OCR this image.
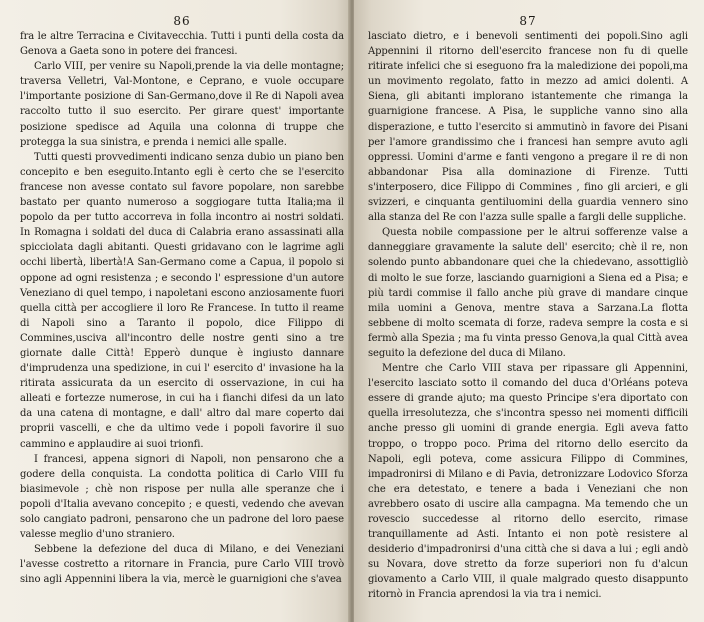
86

fra le altre Terracina e Civitavecchia. Tutti i punti della costa da Genova a Gaeta sono in potere dei francesi.

Carlo VIII, per venire su Napoli,prende la via delle montagne; traversa Velletri, Val-Montone, e Ceprano, e vuole occupare l'importante posizione di San-Germano,dove il Re di Napoli avea raccolto tutto il suo esercito. Per girare quest' importante posizione spedisce ad Aquila una colonna di truppe che protegga la sua sinistra, e prenda i nemici alle spalle.

Tutti questi provvedimenti indicano senza dubio un piano ben concepito e ben eseguito.Intanto egli è certo che se l'esercito francese non avesse contato sul favore popolare, non sarebbe bastato per quanto numeroso a soggiogare tutta Italia;ma il popolo da per tutto accorreva in folla incontro ai nostri soldati. In Romagna i soldati del duca di Calabria erano assassinati alla spicciolata dagli abitanti. Questi gridavano con le lagrime agli occhi libertà, libertà!A San-Germano come a Capua, il popolo si oppone ad ogni resistenza ; e secondo l' espressione d'un autore Veneziano di quel tempo, i napoletani escono anziosamente fuori quella città per accogliere il loro Re Francese. In tutto il reame di Napoli sino a Taranto il popolo, dice Filippo di Commines,usciva all'incontro delle nostre genti sino a tre giornate dalle Città! Epperò dunque è ingiusto dannare d'imprudenza una spedizione, in cui l' esercito d' invasione ha la ritirata assicurata da un esercito di osservazione, in cui ha alleati e fortezze numerose, in cui ha i fianchi difesi da un lato da una catena di montagne, e dall' altro dal mare coperto dai proprii vascelli, e che da ultimo vede i popoli favorire il suo cammino e applaudire ai suoi trionfi.

I francesi, appena signori di Napoli, non pensarono che a godere della conquista. La condotta politica di Carlo VIII fu biasimevole ; chè non rispose per nulla alle speranze che i popoli d'Italia avevano concepito ; e questi, vedendo che avevan solo cangiato padroni, pensarono che un padrone del loro paese valesse meglio d'uno straniero.

Sebbene la defezione del duca di Milano, e dei Veneziani l'avesse costretto a ritornare in Francia, pure Carlo VIII trovò sino agli Appennini libera la via, mercè le guarnigioni che s'avea

87

lasciato dietro, e i benevoli sentimenti dei popoli.Sino agli Appennini il ritorno dell'esercito francese non fu di quelle ritirate infelici che si eseguono fra la maledizione dei popoli,ma un movimento regolato, fatto in mezzo ad amici dolenti. A Siena, gli abitanti implorano istantemente che rimanga la guarnigione francese. A Pisa, le suppliche vanno sino alla disperazione, e tutto l'esercito si ammutinò in favore dei Pisani per l'amore grandissimo che i francesi han sempre avuto agli oppressi. Uomini d'arme e fanti vengono a pregare il re di non abbandonar Pisa alla dominazione di Firenze. Tutti s'interposero, dice Filippo di Commines , fino gli arcieri, e gli svizzeri, e cinquanta gentiluomini della guardia vennero sino alla stanza del Re con l'azza sulle spalle a fargli delle suppliche.

Questa nobile compassione per le altrui sofferenze valse a danneggiare gravamente la salute dell' esercito; chè il re, non solendo punto abbandonare quei che la chiedevano, assottigliò di molto le sue forze, lasciando guarnigioni a Siena ed a Pisa; e più tardi commise il fallo anche più grave di mandare cinque mila uomini a Genova, mentre stava a Sarzana.La flotta sebbene di molto scemata di forze, radeva sempre la costa e si fermò alla Spezia ; ma fu vinta presso Genova,la qual Città avea seguito la defezione del duca di Milano.

Mentre che Carlo VIII stava per ripassare gli Appennini, l'esercito lasciato sotto il comando del duca d'Orléans poteva essere di grande ajuto; ma questo Principe s'era diportato con quella irresolutezza, che s'incontra spesso nei momenti difficili anche presso gli uomini di grande energia. Egli aveva fatto troppo, o troppo poco. Prima del ritorno dello esercito da Napoli, egli poteva, come assicura Filippo di Commines, impadronirsi di Milano e di Pavia, detronizzare Lodovico Sforza che era detestato, e tenere a bada i Veneziani che non avrebbero osato di uscire alla campagna. Ma temendo che un rovescio succedesse al ritorno dello esercito, rimase tranquillamente ad Asti. Intanto ei non potè resistere al desiderio d'impadronirsi d'una città che si dava a lui ; egli andò su Novara, dove stretto da forze superiori non fu d'alcun giovamento a Carlo VIII, il quale malgrado questo disappunto ritornò in Francia aprendosi la via tra i nemici.
